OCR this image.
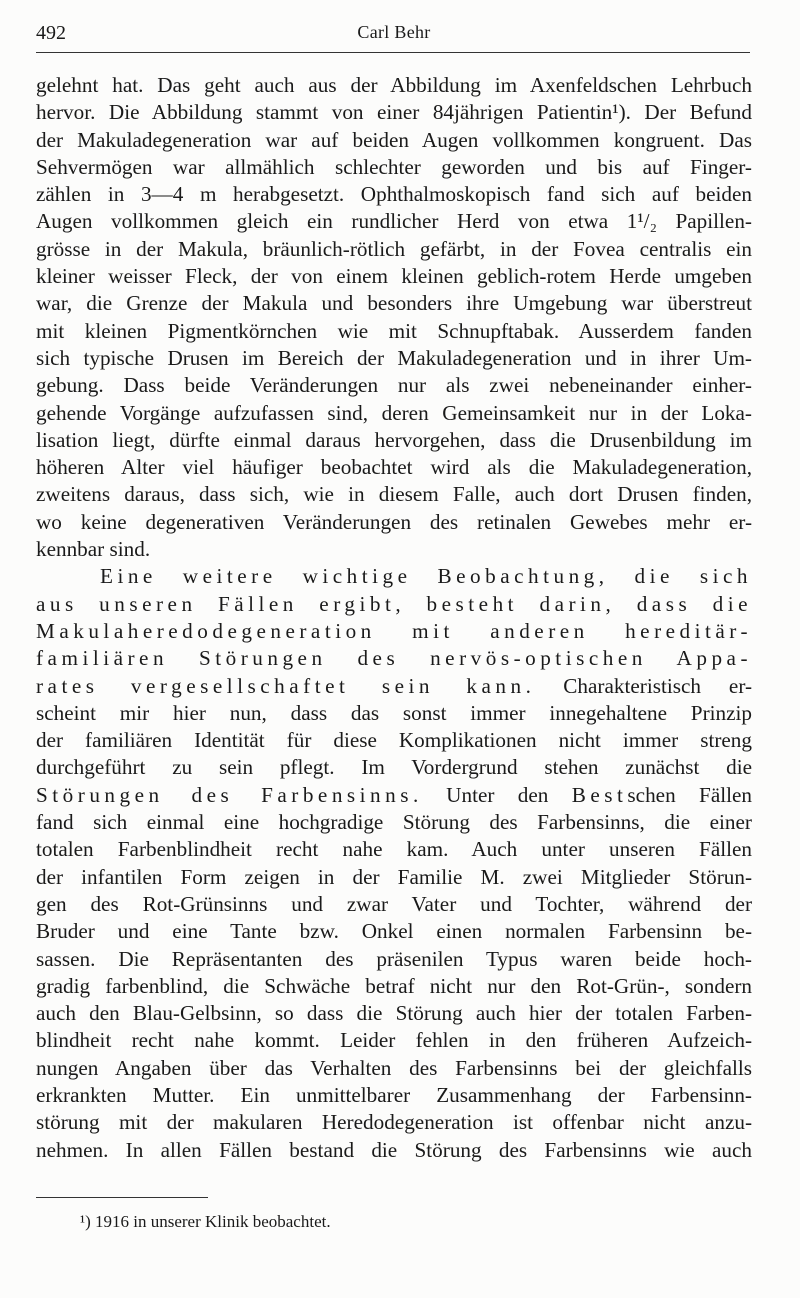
492	Carl Behr
gelehnt hat. Das geht auch aus der Abbildung im Axenfeldschen Lehrbuch
hervor. Die Abbildung stammt von einer 84jährigen Patientin¹). Der Befund
der Makuladegeneration war auf beiden Augen vollkommen kongruent. Das
Sehvermögen war allmählich schlechter geworden und bis auf Finger-
zählen in 3—4 m herabgesetzt. Ophthalmoskopisch fand sich auf beiden
Augen vollkommen gleich ein rundlicher Herd von etwa 1¹/₂ Papillen-
grösse in der Makula, bräunlich-rötlich gefärbt, in der Fovea centralis ein
kleiner weisser Fleck, der von einem kleinen geblich-rotem Herde umgeben
war, die Grenze der Makula und besonders ihre Umgebung war überstreut
mit kleinen Pigmentkörnchen wie mit Schnupftabak. Ausserdem fanden
sich typische Drusen im Bereich der Makuladegeneration und in ihrer Um-
gebung. Dass beide Veränderungen nur als zwei nebeneinander einher-
gehende Vorgänge aufzufassen sind, deren Gemeinsamkeit nur in der Loka-
lisation liegt, dürfte einmal daraus hervorgehen, dass die Drusenbildung im
höheren Alter viel häufiger beobachtet wird als die Makuladegeneration,
zweitens daraus, dass sich, wie in diesem Falle, auch dort Drusen finden,
wo keine degenerativen Veränderungen des retinalen Gewebes mehr er-
kennbar sind.
Eine weitere wichtige Beobachtung, die sich
aus unseren Fällen ergibt, besteht darin, dass die
Makulaheredodegeneration mit anderen hereditär-
familiären Störungen des nervös-optischen Appa-
rates vergesellschaftet sein kann. Charakteristisch er-
scheint mir hier nun, dass das sonst immer innegehaltene Prinzip
der familiären Identität für diese Komplikationen nicht immer streng
durchgeführt zu sein pflegt. Im Vordergrund stehen zunächst die
Störungen des Farbensinns. Unter den Bestschen Fällen
fand sich einmal eine hochgradige Störung des Farbensinns, die einer
totalen Farbenblindheit recht nahe kam. Auch unter unseren Fällen
der infantilen Form zeigen in der Familie M. zwei Mitglieder Störun-
gen des Rot-Grünsinns und zwar Vater und Tochter, während der
Bruder und eine Tante bzw. Onkel einen normalen Farbensinn be-
sassen. Die Repräsentanten des präsenilen Typus waren beide hoch-
gradig farbenblind, die Schwäche betraf nicht nur den Rot-Grün-, sondern
auch den Blau-Gelbsinn, so dass die Störung auch hier der totalen Farben-
blindheit recht nahe kommt. Leider fehlen in den früheren Aufzeich-
nungen Angaben über das Verhalten des Farbensinns bei der gleichfalls
erkrankten Mutter. Ein unmittelbarer Zusammenhang der Farbensinn-
störung mit der makularen Heredodegeneration ist offenbar nicht anzu-
nehmen. In allen Fällen bestand die Störung des Farbensinns wie auch
¹) 1916 in unserer Klinik beobachtet.
